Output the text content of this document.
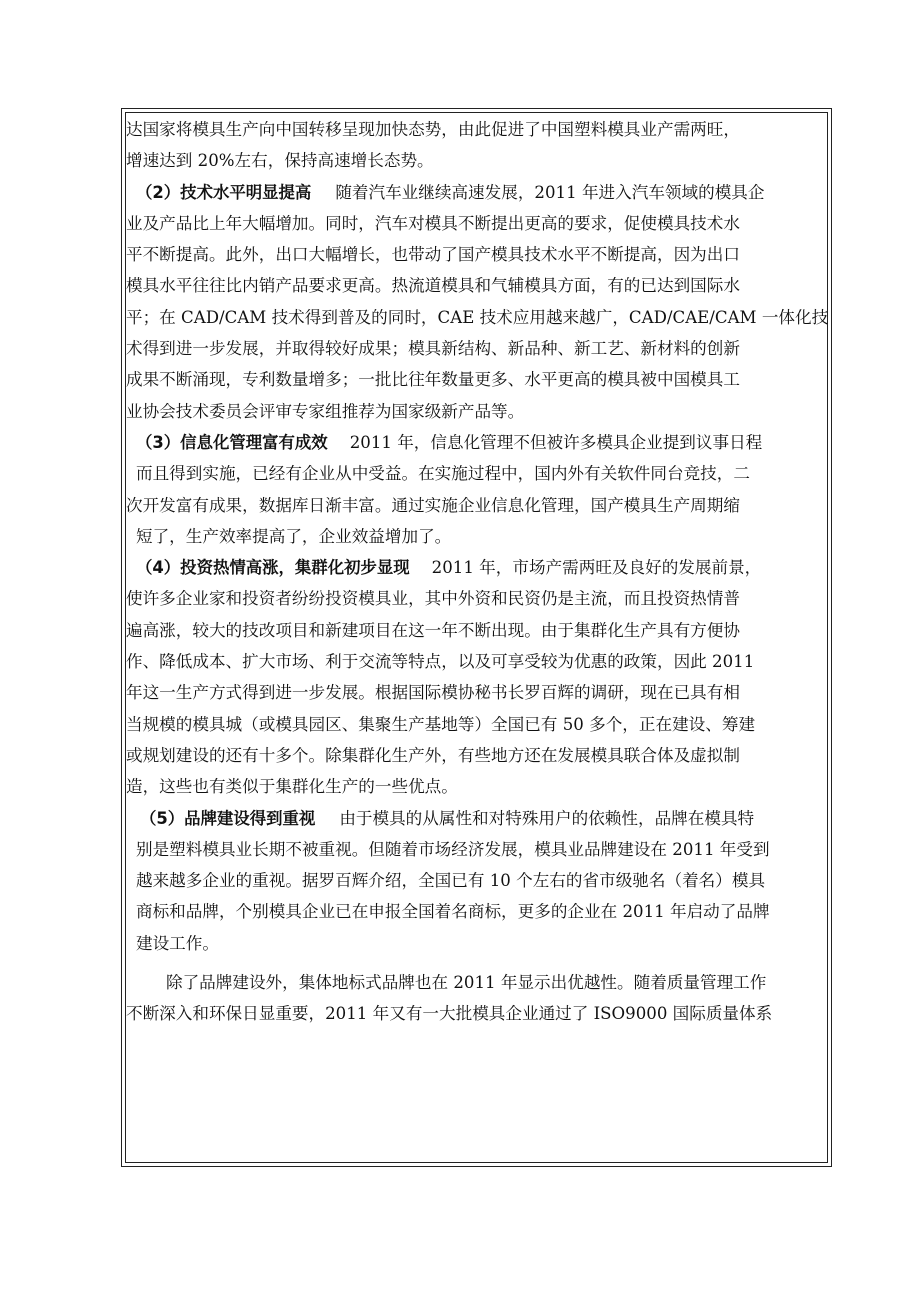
达国家将模具生产向中国转移呈现加快态势，由此促进了中国塑料模具业产需两旺，
增速达到 20%左右，保持高速增长态势。
（2）技术水平明显提高 随着汽车业继续高速发展，2011 年进入汽车领域的模具企
业及产品比上年大幅增加。同时，汽车对模具不断提出更高的要求，促使模具技术水
平不断提高。此外，出口大幅增长，也带动了国产模具技术水平不断提高，因为出口
模具水平往往比内销产品要求更高。热流道模具和气辅模具方面，有的已达到国际水
平；在 CAD/CAM 技术得到普及的同时，CAE 技术应用越来越广，CAD/CAE/CAM 一体化技
术得到进一步发展，并取得较好成果；模具新结构、新品种、新工艺、新材料的创新
成果不断涌现，专利数量增多；一批比往年数量更多、水平更高的模具被中国模具工
业协会技术委员会评审专家组推荐为国家级新产品等。
（3）信息化管理富有成效 2011 年，信息化管理不但被许多模具企业提到议事日程
而且得到实施，已经有企业从中受益。在实施过程中，国内外有关软件同台竞技，二
次开发富有成果，数据库日渐丰富。通过实施企业信息化管理，国产模具生产周期缩
短了，生产效率提高了，企业效益增加了。
（4）投资热情高涨，集群化初步显现 2011 年，市场产需两旺及良好的发展前景，
使许多企业家和投资者纷纷投资模具业，其中外资和民资仍是主流，而且投资热情普
遍高涨，较大的技改项目和新建项目在这一年不断出现。由于集群化生产具有方便协
作、降低成本、扩大市场、利于交流等特点，以及可享受较为优惠的政策，因此 2011
年这一生产方式得到进一步发展。根据国际模协秘书长罗百辉的调研，现在已具有相
当规模的模具城（或模具园区、集聚生产基地等）全国已有 50 多个，正在建设、筹建
或规划建设的还有十多个。除集群化生产外，有些地方还在发展模具联合体及虚拟制
造，这些也有类似于集群化生产的一些优点。
（5）品牌建设得到重视 由于模具的从属性和对特殊用户的依赖性，品牌在模具特
别是塑料模具业长期不被重视。但随着市场经济发展，模具业品牌建设在 2011 年受到
越来越多企业的重视。据罗百辉介绍，全国已有 10 个左右的省市级驰名（着名）模具
商标和品牌，个别模具企业已在申报全国着名商标，更多的企业在 2011 年启动了品牌
建设工作。
除了品牌建设外，集体地标式品牌也在 2011 年显示出优越性。随着质量管理工作
不断深入和环保日显重要，2011 年又有一大批模具企业通过了 ISO9000 国际质量体系
